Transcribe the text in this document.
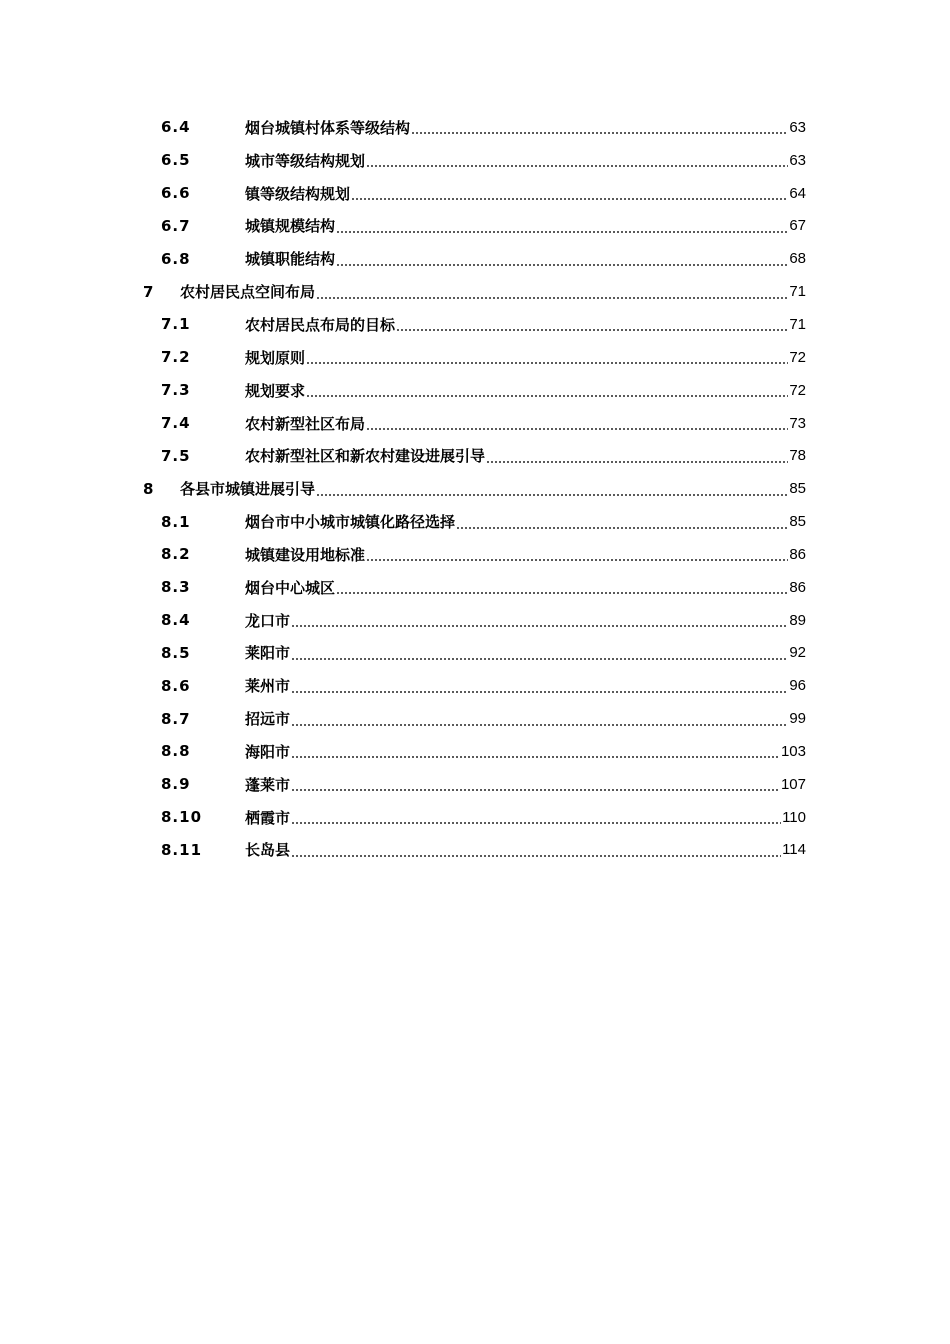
6.4	烟台城镇村体系等级结构	63
6.5	城市等级结构规划	63
6.6	镇等级结构规划	64
6.7	城镇规模结构	67
6.8	城镇职能结构	68
7	农村居民点空间布局	71
7.1	农村居民点布局的目标	71
7.2	规划原则	72
7.3	规划要求	72
7.4	农村新型社区布局	73
7.5	农村新型社区和新农村建设进展引导	78
8	各县市城镇进展引导	85
8.1	烟台市中小城市城镇化路径选择	85
8.2	城镇建设用地标准	86
8.3	烟台中心城区	86
8.4	龙口市	89
8.5	莱阳市	92
8.6	莱州市	96
8.7	招远市	99
8.8	海阳市	103
8.9	蓬莱市	107
8.10	栖霞市	110
8.11	长岛县	114
